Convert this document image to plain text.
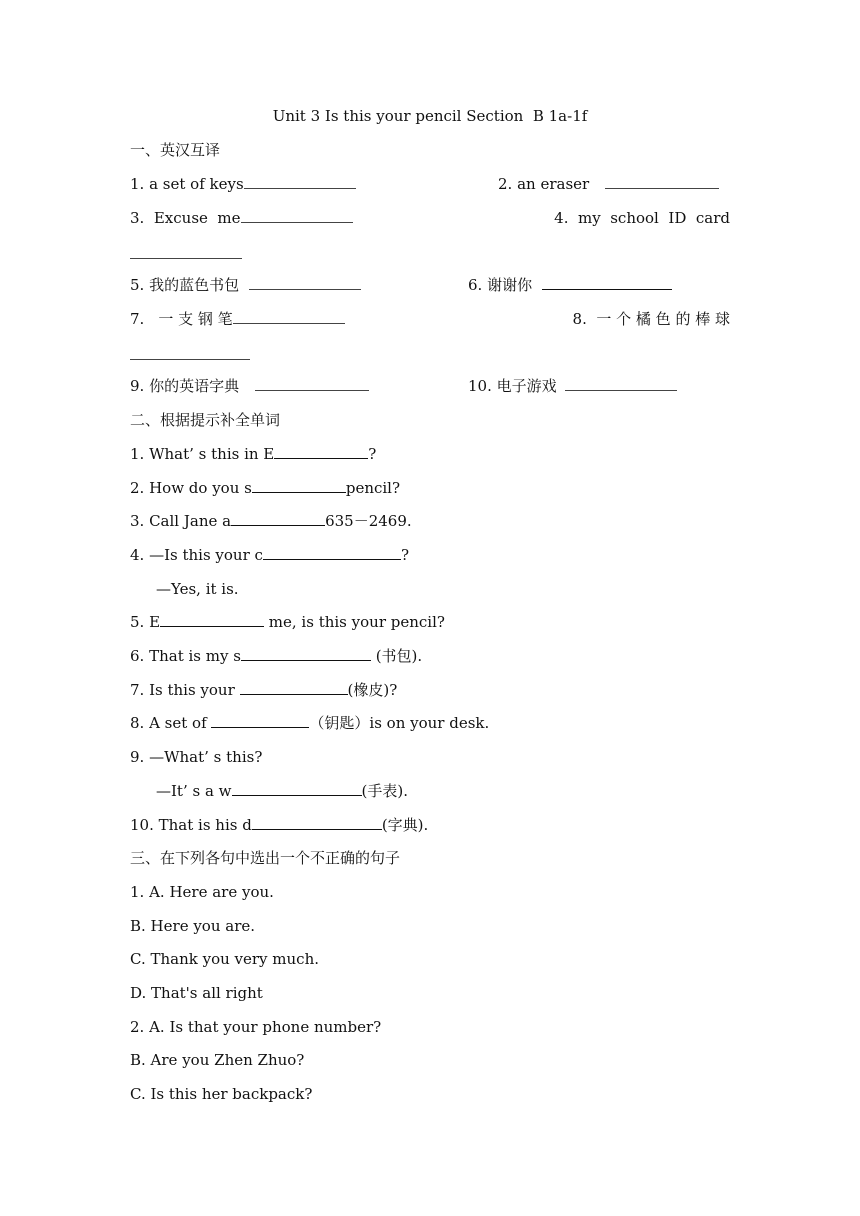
Unit 3 Is this your pencil Section  B 1a-1f
一、英汉互译
1. a set of keys	2. an eraser
3.  Excuse  me	4.  my  school  ID  card
5. 我的蓝色书包	6. 谢谢你
7. 一 支 钢 笔	8.  一 个 橘 色 的 棒 球
9. 你的英语字典	10. 电子游戏
二、根据提示补全单词
1. What’ s this in E	?
2. How do you s	pencil?
3. Call Jane a	635－2469.
4. —Is this your c	?
—Yes, it is.
5. E	me, is this your pencil?
6. That is my s	(书包).
7. Is this your	(橡皮)?
8. A set of	（钥匙）is on your desk.
9. —What’ s this?
—It’ s a w	(手表).
10. That is his d	(字典).
三、在下列各句中选出一个不正确的句子
1. A. Here are you.
B. Here you are.
C. Thank you very much.
D. That's all right
2. A. Is that your phone number?
B. Are you Zhen Zhuo?
C. Is this her backpack?
